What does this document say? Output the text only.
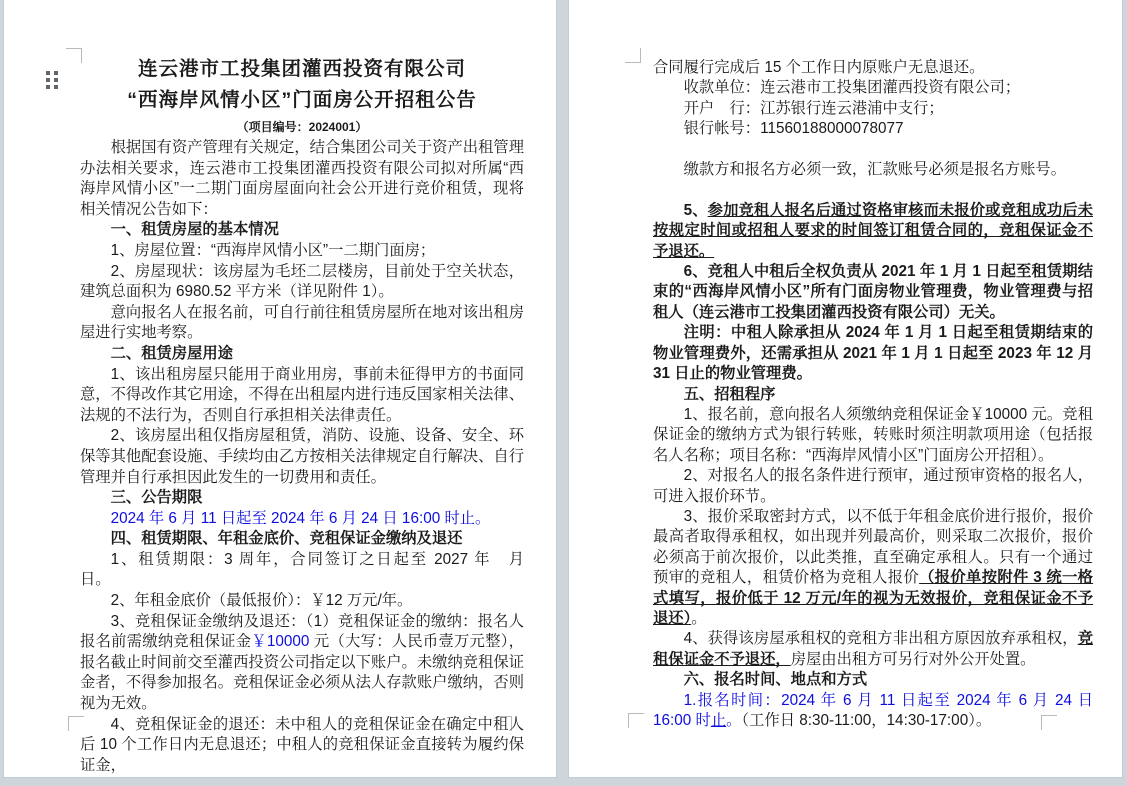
连云港市工投集团灌西投资有限公司
“西海岸风情小区”门面房公开招租公告
（项目编号：2024001）
根据国有资产管理有关规定，结合集团公司关于资产出租管理办法相关要求，连云港市工投集团灌西投资有限公司拟对所属“西海岸风情小区”一二期门面房屋面向社会公开进行竞价租赁，现将相关情况公告如下：
一、租赁房屋的基本情况
1、房屋位置：“西海岸风情小区”一二期门面房；
2、房屋现状：该房屋为毛坯二层楼房，目前处于空关状态，建筑总面积为 6980.52 平方米（详见附件 1）。
意向报名人在报名前，可自行前往租赁房屋所在地对该出租房屋进行实地考察。
二、租赁房屋用途
1、该出租房屋只能用于商业用房，事前未征得甲方的书面同意，不得改作其它用途，不得在出租屋内进行违反国家相关法律、法规的不法行为，否则自行承担相关法律责任。
2、该房屋出租仅指房屋租赁，消防、设施、设备、安全、环保等其他配套设施、手续均由乙方按相关法律规定自行解决、自行管理并自行承担因此发生的一切费用和责任。
三、公告期限
2024 年 6 月 11 日起至 2024 年 6 月 24 日 16:00 时止。
四、租赁期限、年租金底价、竞租保证金缴纳及退还
1、租赁期限：3 周年，合同签订之日起至 2027 年　月　日。
2、年租金底价（最低报价）：￥12 万元/年。
3、竞租保证金缴纳及退还：（1）竞租保证金的缴纳：报名人报名前需缴纳竞租保证金￥10000 元（大写：人民币壹万元整），报名截止时间前交至灌西投资公司指定以下账户。未缴纳竞租保证金者，不得参加报名。竞租保证金必须从法人存款账户缴纳，否则视为无效。
4、竞租保证金的退还：未中租人的竞租保证金在确定中租人后 10 个工作日内无息退还；中租人的竞租保证金直接转为履约保证金，
合同履行完成后 15 个工作日内原账户无息退还。
收款单位：连云港市工投集团灌西投资有限公司；
开户　行：江苏银行连云港浦中支行；
银行帐号：11560188000078077

缴款方和报名方必须一致，汇款账号必须是报名方账号。

5、参加竞租人报名后通过资格审核而未报价或竞租成功后未按规定时间或招租人要求的时间签订租赁合同的，竞租保证金不予退还。
6、竞租人中租后全权负责从 2021 年 1 月 1 日起至租赁期结束的“西海岸风情小区”所有门面房物业管理费，物业管理费与招租人（连云港市工投集团灌西投资有限公司）无关。
注明：中租人除承担从 2024 年 1 月 1 日起至租赁期结束的物业管理费外，还需承担从 2021 年 1 月 1 日起至 2023 年 12 月 31 日止的物业管理费。
五、招租程序
1、报名前，意向报名人须缴纳竞租保证金￥10000 元。竞租保证金的缴纳方式为银行转账，转账时须注明款项用途（包括报名人名称；项目名称：“西海岸风情小区”门面房公开招租）。
2、对报名人的报名条件进行预审，通过预审资格的报名人，可进入报价环节。
3、报价采取密封方式，以不低于年租金底价进行报价，报价最高者取得承租权，如出现并列最高价，则采取二次报价，报价必须高于前次报价，以此类推，直至确定承租人。只有一个通过预审的竞租人，租赁价格为竞租人报价（报价单按附件 3 统一格式填写，报价低于 12 万元/年的视为无效报价，竞租保证金不予退还）。
4、获得该房屋承租权的竞租方非出租方原因放弃承租权，竞租保证金不予退还，房屋由出租方可另行对外公开处置。
六、报名时间、地点和方式
1.报名时间：2024 年 6 月 11 日起至 2024 年 6 月 24 日 16:00 时止。（工作日 8:30-11:00，14:30-17:00）。
